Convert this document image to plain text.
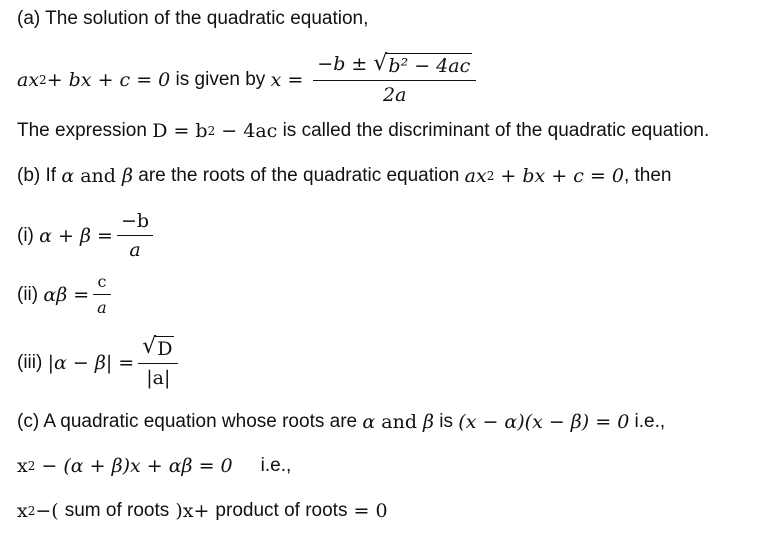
(a) The solution of the quadratic equation,
ax 2 + bx + c = 0 is given by $x = \frac{\text{−b ± √ b² − 4ac}}{2a}$
The expression D = b 2 − 4ac is called the discriminant of the quadratic equation.
(b) If α and β are the roots of the quadratic equation ax 2 + bx + c = 0 , then
(i) $\alpha + \beta = \frac{-b}{a}$
(ii) $\alpha\beta = \frac{c}{a}$
(iii) $|\alpha - \beta| = \frac{√ D}{|a|}$
(c) A quadratic equation whose roots are α and β is (x − α)(x − β) = 0 i.e.,
x 2 − (α + β)x + αβ = 0 i.e.,
x 2 −( sum of roots )x+ product of roots = 0
